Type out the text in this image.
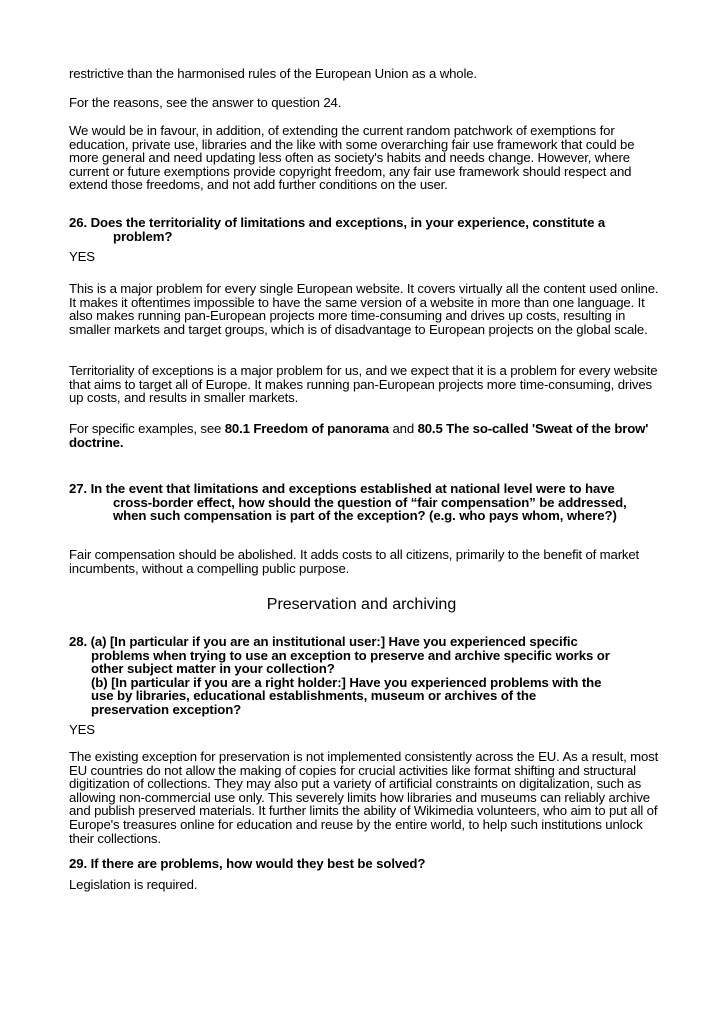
restrictive than the harmonised rules of the European Union as a whole.
For the reasons, see the answer to question 24.
We would be in favour, in addition, of extending the current random patchwork of exemptions for education, private use, libraries and the like with some overarching fair use framework that could be more general and need updating less often as society's habits and needs change. However, where current or future exemptions provide copyright freedom, any fair use framework should respect and extend those freedoms, and not add further conditions on the user.
26. Does the territoriality of limitations and exceptions, in your experience, constitute a
problem?
YES
This is a major problem for every single European website. It covers virtually all the content used online. It makes it oftentimes impossible to have the same version of a website in more than one language. It also makes running pan-European projects more time-consuming and drives up costs, resulting in smaller markets and target groups, which is of disadvantage to European projects on the global scale.
Territoriality of exceptions is a major problem for us, and we expect that it is a problem for every website that aims to target all of Europe. It makes running pan-European projects more time-consuming, drives up costs, and results in smaller markets.
For specific examples, see 80.1 Freedom of panorama and 80.5 The so-called 'Sweat of the brow' doctrine.
27. In the event that limitations and exceptions established at national level were to have
cross-border effect, how should the question of “fair compensation” be addressed,
when such compensation is part of the exception? (e.g. who pays whom, where?)
Fair compensation should be abolished. It adds costs to all citizens, primarily to the benefit of market incumbents, without a compelling public purpose.
Preservation and archiving
28. (a) [In particular if you are an institutional user:] Have you experienced specific
problems when trying to use an exception to preserve and archive specific works or
other subject matter in your collection?
(b) [In particular if you are a right holder:] Have you experienced problems with the
use by libraries, educational establishments, museum or archives of the
preservation exception?
YES
The existing exception for preservation is not implemented consistently across the EU. As a result, most EU countries do not allow the making of copies for crucial activities like format shifting and structural digitization of collections. They may also put a variety of artificial constraints on digitalization, such as allowing non-commercial use only. This severely limits how libraries and museums can reliably archive and publish preserved materials. It further limits the ability of Wikimedia volunteers, who aim to put all of Europe's treasures online for education and reuse by the entire world, to help such institutions unlock their collections.
29. If there are problems, how would they best be solved?
Legislation is required.
